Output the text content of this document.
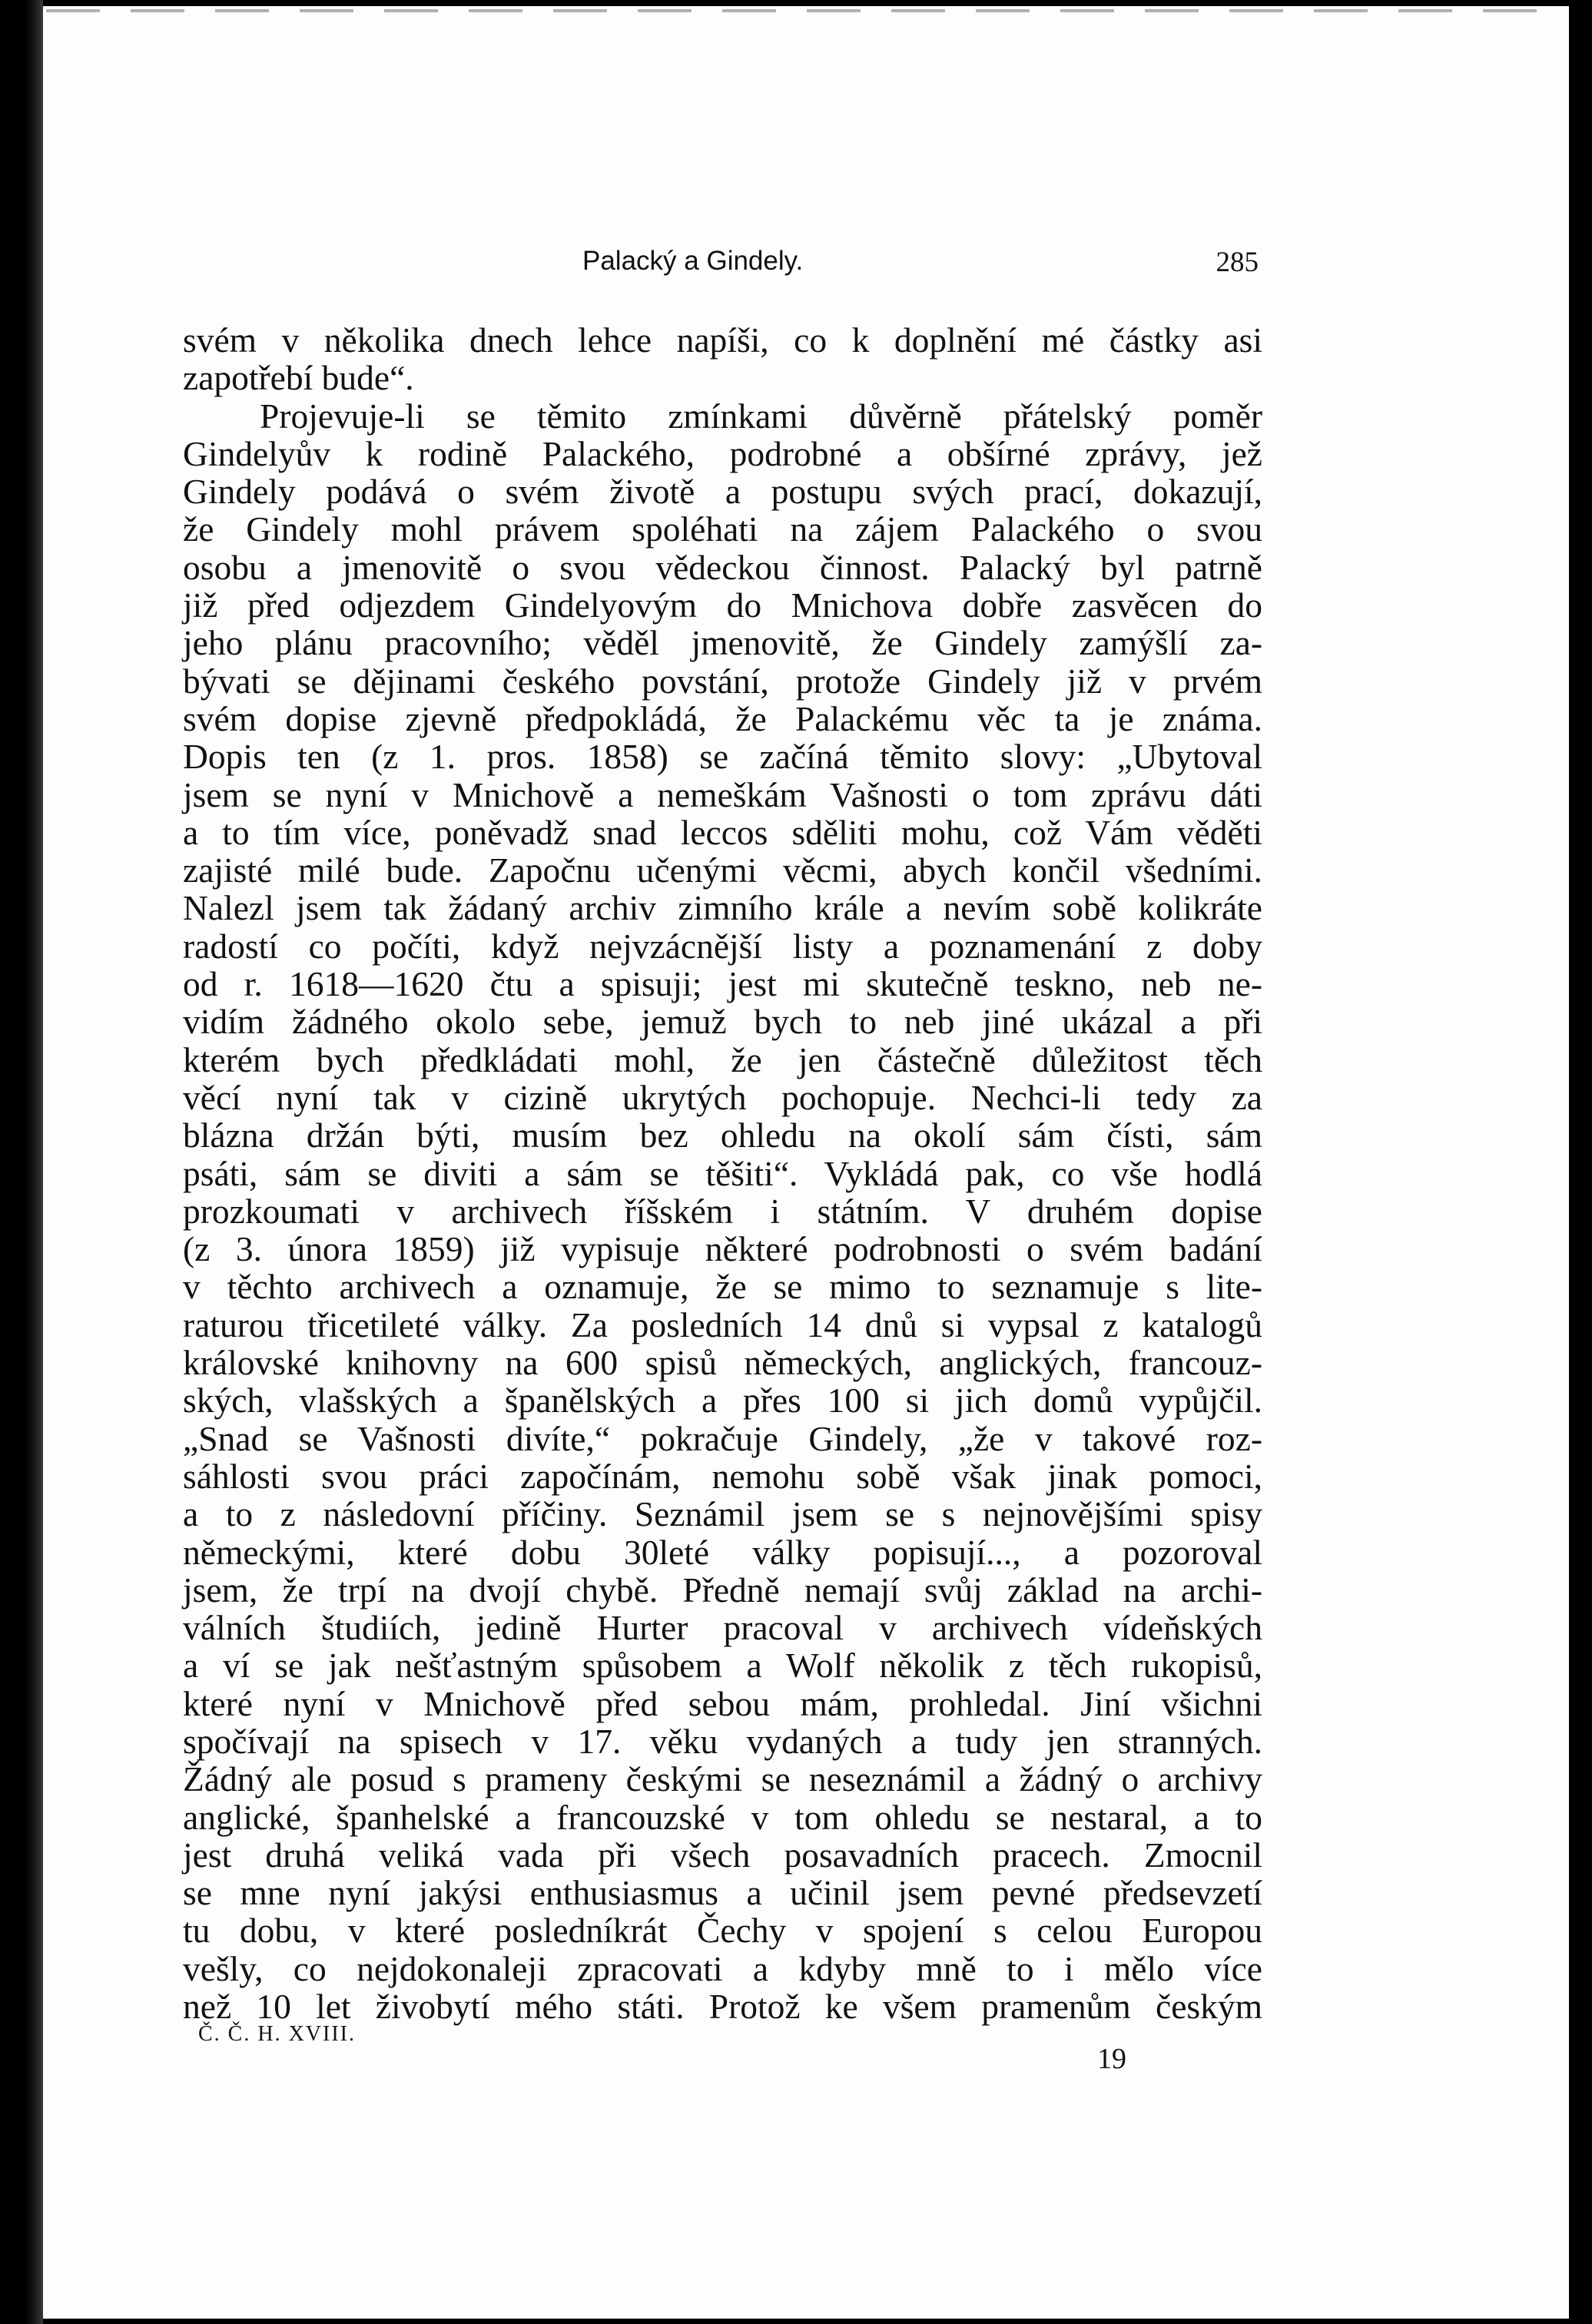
Palacký a Gindely.	285
svém v několika dnech lehce napíši, co k doplnění mé částky asi
zapotřebí bude“.
Projevuje-li se těmito zmínkami důvěrně přátelský poměr
Gindelyův k rodině Palackého, podrobné a obšírné zprávy, jež
Gindely podává o svém životě a postupu svých prací, dokazují,
že Gindely mohl právem spoléhati na zájem Palackého o svou
osobu a jmenovitě o svou vědeckou činnost. Palacký byl patrně
již před odjezdem Gindelyovým do Mnichova dobře zasvěcen do
jeho plánu pracovního; věděl jmenovitě, že Gindely zamýšlí za-
bývati se dějinami českého povstání, protože Gindely již v prvém
svém dopise zjevně předpokládá, že Palackému věc ta je známa.
Dopis ten (z 1. pros. 1858) se začíná těmito slovy: „Ubytoval
jsem se nyní v Mnichově a nemeškám Vašnosti o tom zprávu dáti
a to tím více, poněvadž snad leccos sděliti mohu, což Vám věděti
zajisté milé bude. Započnu učenými věcmi, abych končil všedními.
Nalezl jsem tak žádaný archiv zimního krále a nevím sobě kolikráte
radostí co počíti, když nejvzácnější listy a poznamenání z doby
od r. 1618—1620 čtu a spisuji; jest mi skutečně teskno, neb ne-
vidím žádného okolo sebe, jemuž bych to neb jiné ukázal a při
kterém bych předkládati mohl, že jen částečně důležitost těch
věcí nyní tak v cizině ukrytých pochopuje. Nechci-li tedy za
blázna držán býti, musím bez ohledu na okolí sám čísti, sám
psáti, sám se diviti a sám se těšiti“. Vykládá pak, co vše hodlá
prozkoumati v archivech říšském i státním. V druhém dopise
(z 3. února 1859) již vypisuje některé podrobnosti o svém badání
v těchto archivech a oznamuje, že se mimo to seznamuje s lite-
raturou třicetileté války. Za posledních 14 dnů si vypsal z katalogů
královské knihovny na 600 spisů německých, anglických, francouz-
ských, vlašských a španělských a přes 100 si jich domů vypůjčil.
„Snad se Vašnosti divíte,“ pokračuje Gindely, „že v takové roz-
sáhlosti svou práci započínám, nemohu sobě však jinak pomoci,
a to z následovní příčiny. Seznámil jsem se s nejnovějšími spisy
německými, které dobu 30leté války popisují..., a pozoroval
jsem, že trpí na dvojí chybě. Předně nemají svůj základ na archi-
válních študiích, jedině Hurter pracoval v archivech vídeňských
a ví se jak nešťastným spůsobem a Wolf několik z těch rukopisů,
které nyní v Mnichově před sebou mám, prohledal. Jiní všichni
spočívají na spisech v 17. věku vydaných a tudy jen stranných.
Žádný ale posud s prameny českými se neseznámil a žádný o archivy
anglické, španhelské a francouzské v tom ohledu se nestaral, a to
jest druhá veliká vada při všech posavadních pracech. Zmocnil
se mne nyní jakýsi enthusiasmus a učinil jsem pevné předsevzetí
tu dobu, v které posledníkrát Čechy v spojení s celou Europou
vešly, co nejdokonaleji zpracovati a kdyby mně to i mělo více
než 10 let živobytí mého státi. Protož ke všem pramenům českým
Č. Č. H. XVIII.
19
